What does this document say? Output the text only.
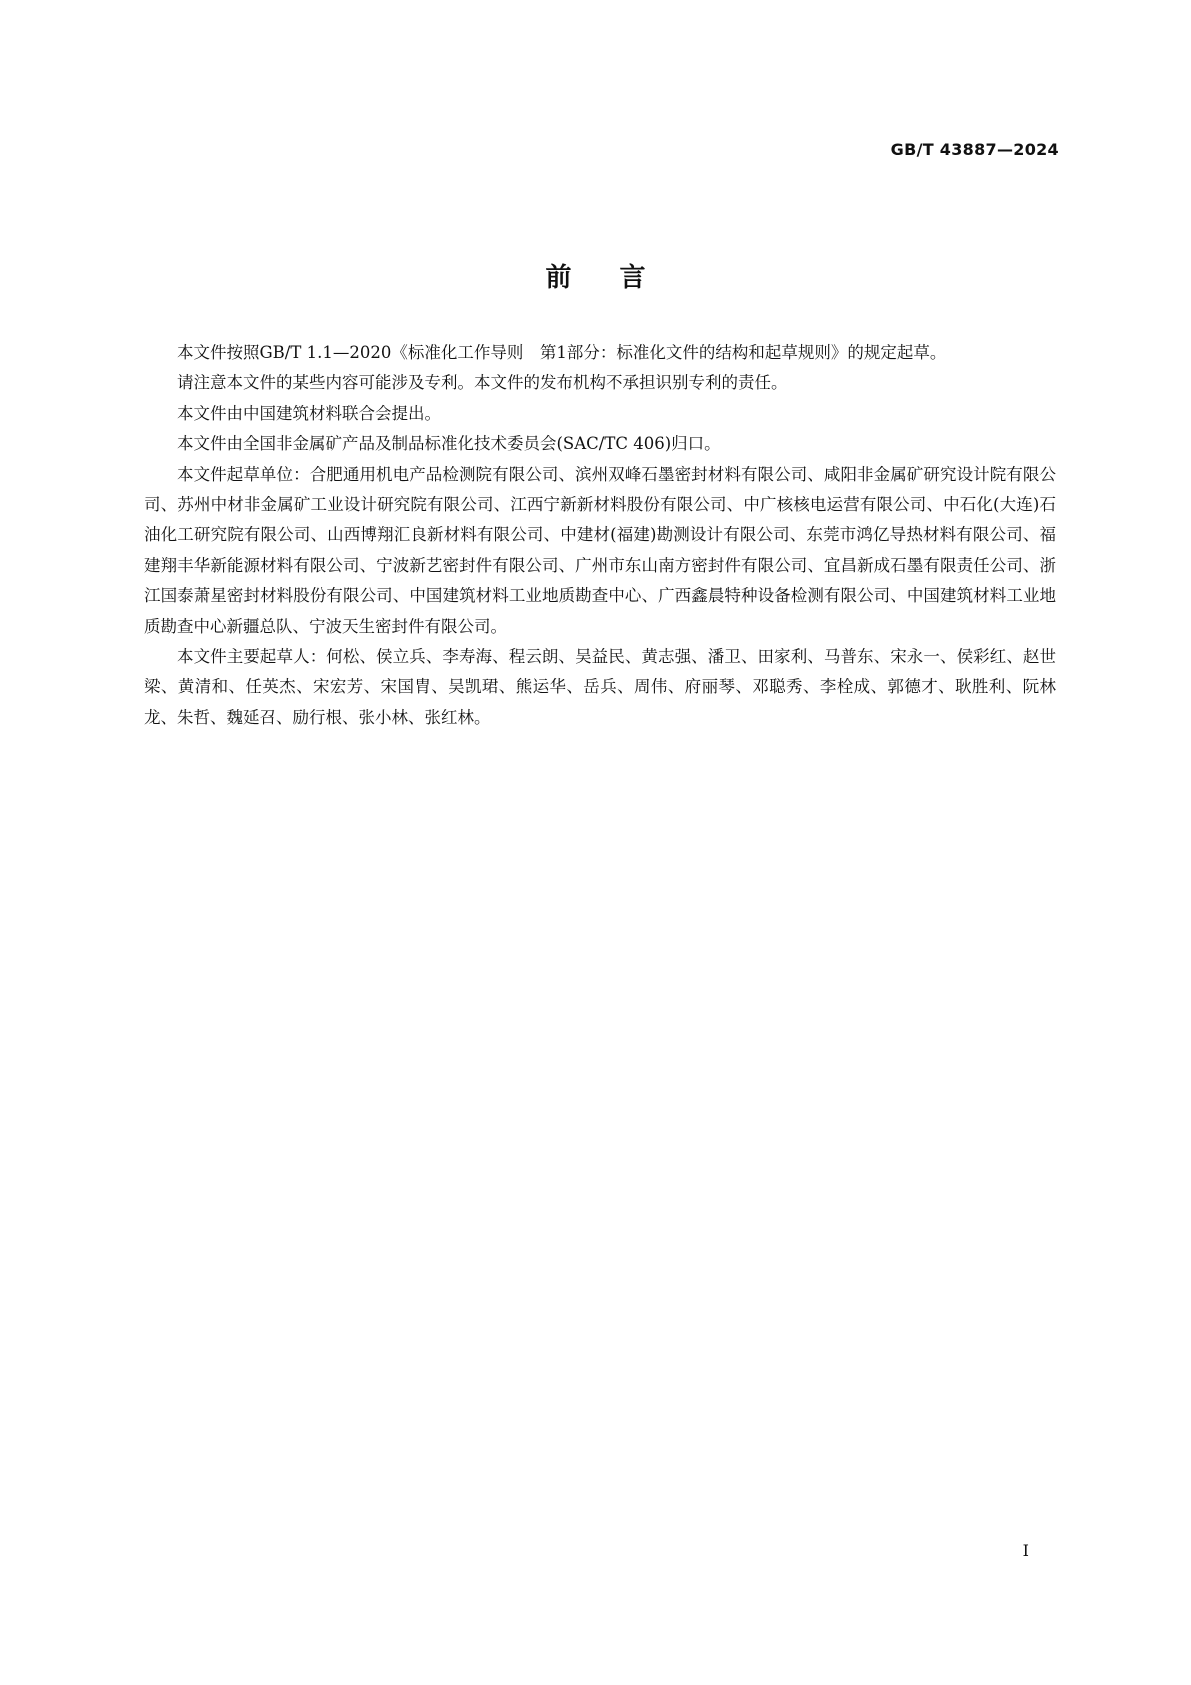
GB/T 43887—2024
前言

本文件按照GB/T 1.1—2020《标准化工作导则　第1部分：标准化文件的结构和起草规则》的规定起草。

请注意本文件的某些内容可能涉及专利。本文件的发布机构不承担识别专利的责任。

本文件由中国建筑材料联合会提出。

本文件由全国非金属矿产品及制品标准化技术委员会(SAC/TC 406)归口。

本文件起草单位：合肥通用机电产品检测院有限公司、滨州双峰石墨密封材料有限公司、咸阳非金属矿研究设计院有限公司、苏州中材非金属矿工业设计研究院有限公司、江西宁新新材料股份有限公司、中广核核电运营有限公司、中石化(大连)石油化工研究院有限公司、山西博翔汇良新材料有限公司、中建材(福建)勘测设计有限公司、东莞市鸿亿导热材料有限公司、福建翔丰华新能源材料有限公司、宁波新艺密封件有限公司、广州市东山南方密封件有限公司、宜昌新成石墨有限责任公司、浙江国泰萧星密封材料股份有限公司、中国建筑材料工业地质勘查中心、广西鑫晨特种设备检测有限公司、中国建筑材料工业地质勘查中心新疆总队、宁波天生密封件有限公司。

本文件主要起草人：何松、侯立兵、李寿海、程云朗、吴益民、黄志强、潘卫、田家利、马普东、宋永一、侯彩红、赵世梁、黄清和、任英杰、宋宏芳、宋国胄、吴凯珺、熊运华、岳兵、周伟、府丽琴、邓聪秀、李栓成、郭德才、耿胜利、阮林龙、朱哲、魏延召、励行根、张小林、张红林。

I
